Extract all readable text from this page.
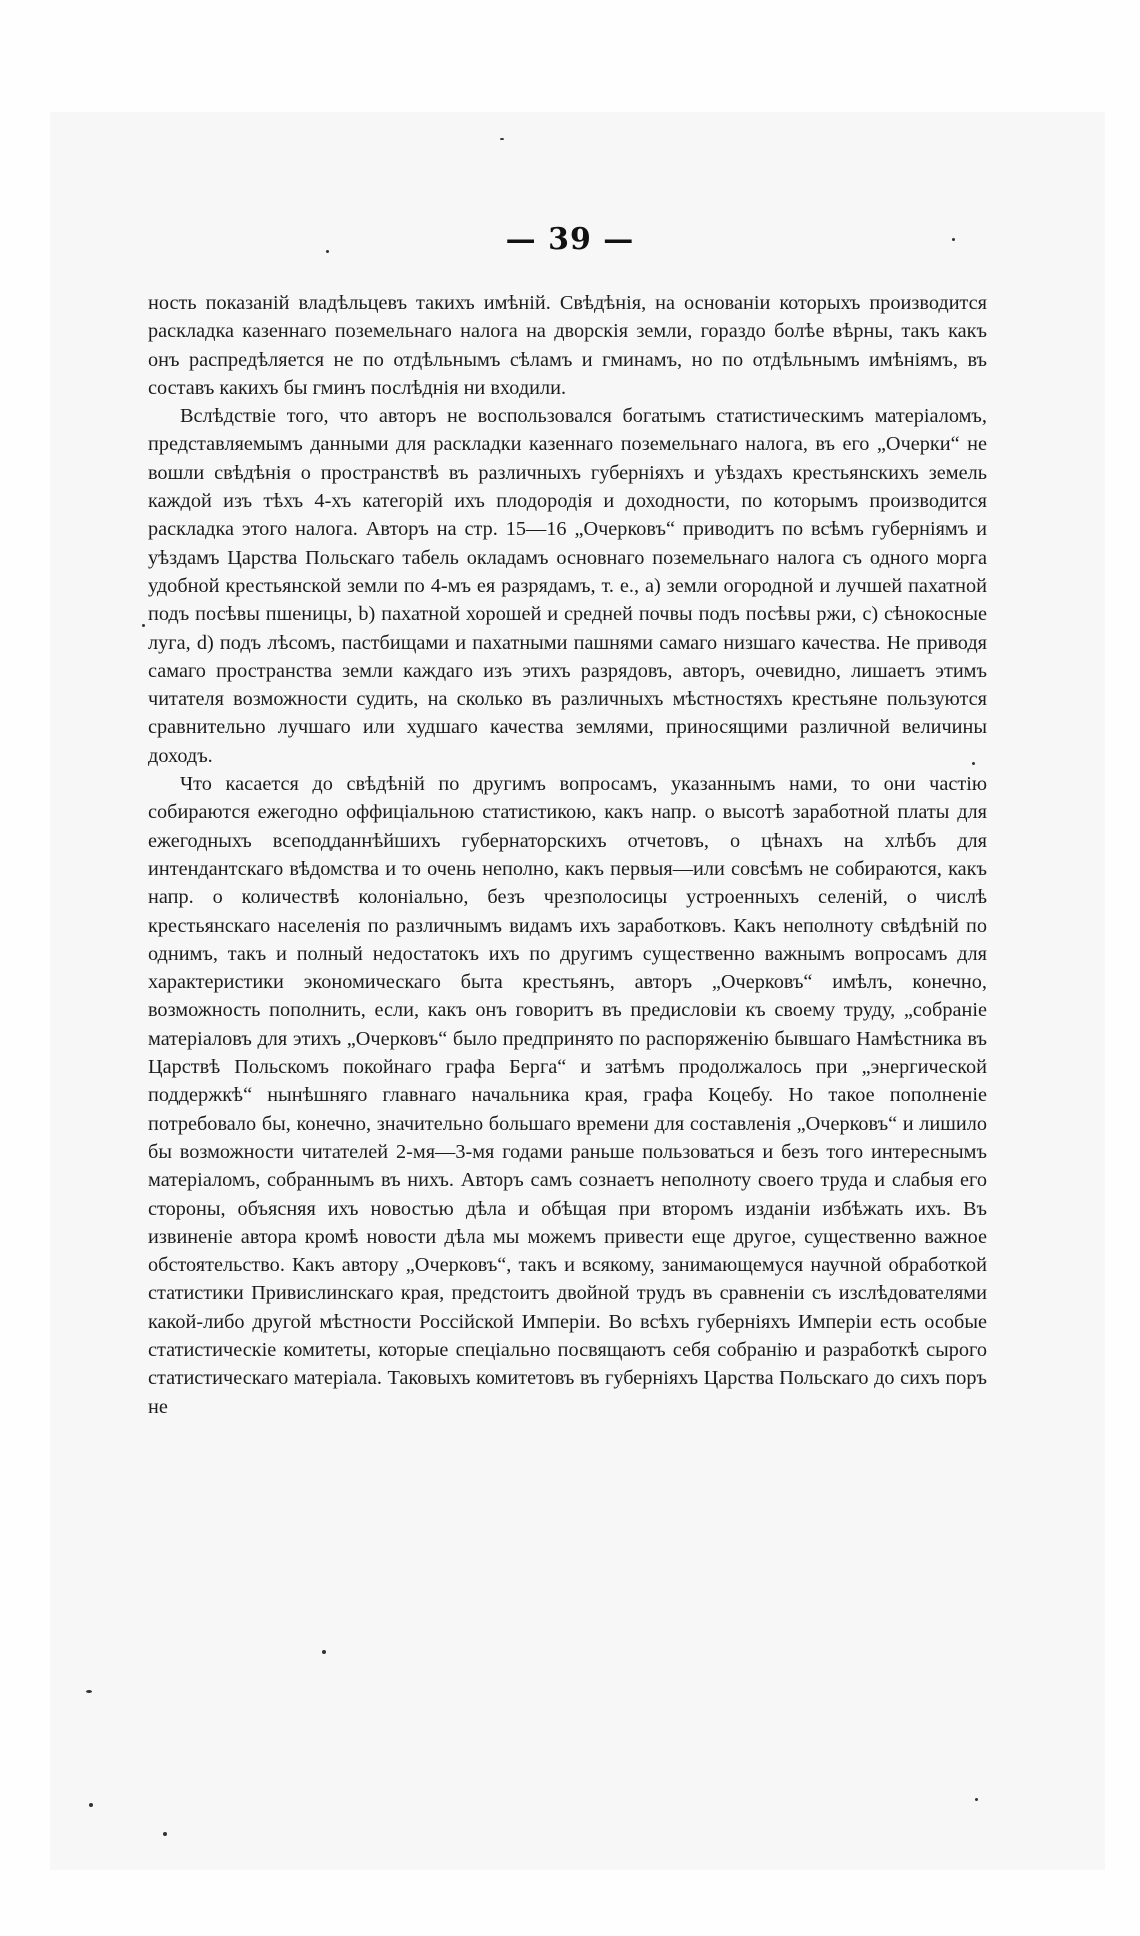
— 39 —

ность показаній владѣльцевъ такихъ имѣній. Свѣдѣнія, на основаніи которыхъ производится раскладка казеннаго поземельнаго налога на дворскія земли, гораздо болѣе вѣрны, такъ какъ онъ распредѣляется не по отдѣльнымъ сѣламъ и гминамъ, но по отдѣльнымъ имѣніямъ, въ составъ какихъ бы гминъ послѣднія ни входили.

Вслѣдствіе того, что авторъ не воспользовался богатымъ статистическимъ матеріаломъ, представляемымъ данными для раскладки казеннаго поземельнаго налога, въ его „Очерки“ не вошли свѣдѣнія о пространствѣ въ различныхъ губерніяхъ и уѣздахъ крестьянскихъ земель каждой изъ тѣхъ 4-хъ категорій ихъ плодородія и доходности, по которымъ производится раскладка этого налога. Авторъ на стр. 15—16 „Очерковъ“ приводитъ по всѣмъ губерніямъ и уѣздамъ Царства Польскаго табель окладамъ основнаго поземельнаго налога съ одного морга удобной крестьянской земли по 4-мъ ея разрядамъ, т. е., а) земли огородной и лучшей пахатной подъ посѣвы пшеницы, b) пахатной хорошей и средней почвы подъ посѣвы ржи, c) сѣнокосные луга, d) подъ лѣсомъ, пастбищами и пахатными пашнями самаго низшаго качества. Не приводя самаго пространства земли каждаго изъ этихъ разрядовъ, авторъ, очевидно, лишаетъ этимъ читателя возможности судить, на сколько въ различныхъ мѣстностяхъ крестьяне пользуются сравнительно лучшаго или худшаго качества землями, приносящими различной величины доходъ.

Что касается до свѣдѣній по другимъ вопросамъ, указаннымъ нами, то они частію собираются ежегодно оффиціальною статистикою, какъ напр. о высотѣ заработной платы для ежегодныхъ всеподданнѣйшихъ губернаторскихъ отчетовъ, о цѣнахъ на хлѣбъ для интендантскаго вѣдомства и то очень неполно, какъ первыя—или совсѣмъ не собираются, какъ напр. о количествѣ колоніально, безъ чрезполосицы устроенныхъ селеній, о числѣ крестьянскаго населенія по различнымъ видамъ ихъ заработковъ. Какъ неполноту свѣдѣній по однимъ, такъ и полный недостатокъ ихъ по другимъ существенно важнымъ вопросамъ для характеристики экономическаго быта крестьянъ, авторъ „Очерковъ“ имѣлъ, конечно, возможность пополнить, если, какъ онъ говоритъ въ предисловіи къ своему труду, „собраніе матеріаловъ для этихъ „Очерковъ“ было предпринято по распоряженію бывшаго Намѣстника въ Царствѣ Польскомъ покойнаго графа Берга“ и затѣмъ продолжалось при „энергической поддержкѣ“ нынѣшняго главнаго начальника края, графа Коцебу. Но такое пополненіе потребовало бы, конечно, значительно большаго времени для составленія „Очерковъ“ и лишило бы возможности читателей 2-мя—3-мя годами раньше пользоваться и безъ того интереснымъ матеріаломъ, собраннымъ въ нихъ. Авторъ самъ сознаетъ неполноту своего труда и слабыя его стороны, объясняя ихъ новостью дѣла и обѣщая при второмъ изданіи избѣжать ихъ. Въ извиненіе автора кромѣ новости дѣла мы можемъ привести еще другое, существенно важное обстоятельство. Какъ автору „Очерковъ“, такъ и всякому, занимающемуся научной обработкой статистики Привислинскаго края, предстоитъ двойной трудъ въ сравненіи съ изслѣдователями какой-либо другой мѣстности Россійской Имперіи. Во всѣхъ губерніяхъ Имперіи есть особые статистическіе комитеты, которые спеціально посвящаютъ себя собранію и разработкѣ сырого статистическаго матеріала. Таковыхъ комитетовъ въ губерніяхъ Царства Польскаго до сихъ поръ не
